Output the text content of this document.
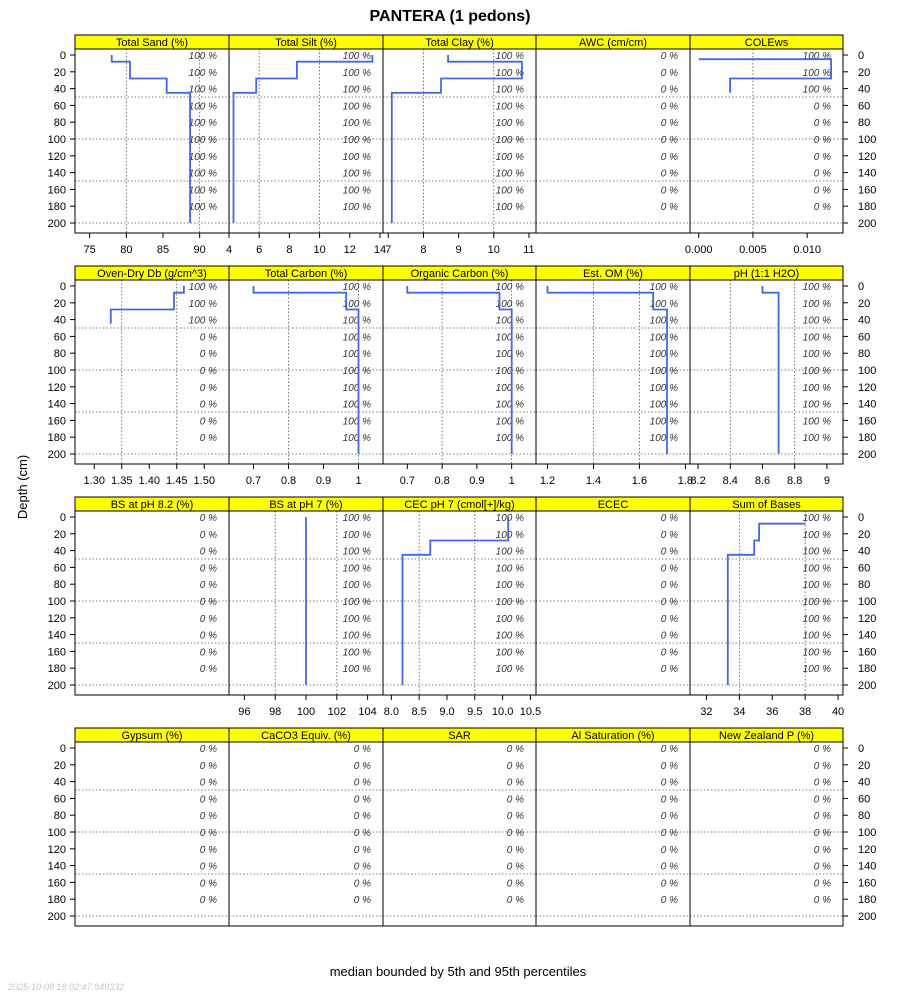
PANTERA (1 pedons)
Depth (cm)
median bounded by 5th and 95th percentiles
2025-10-08 18:02:47.849332
Total Sand (%)
100 %
100 %
100 %
100 %
100 %
100 %
100 %
100 %
100 %
100 %
75 80 85 90
0
20
40
60
80
100
120
140
160
180
200
Total Silt (%)
100 %
100 %
100 %
100 %
100 %
100 %
100 %
100 %
100 %
100 %
4 6 8 10 12 14
Total Clay (%)
100 %
100 %
100 %
100 %
100 %
100 %
100 %
100 %
100 %
100 %
7	8	9 10 11
AWC (cm/cm)
0 %
0 %
0 %
0 %
0 %
0 %
0 %
0 %
0 %
0 %
COLEws
100 %
100 %
100 %
0 %
0 %
0 %
0 %
0 %
0 %
0 %
0.000 0.005 0.010
0
20
40
60
80
100
120
140
160
180
200
Oven-Dry Db (g/cm^3)
100 %
100 %
100 %
0 %
0 %
0 %
0 %
0 %
0 %
0 %
1.30 1.35 1.40 1.45 1.50
0
20
40
60
80
100
120
140
160
180
200
Total Carbon (%)
100 %
100 %
100 %
100 %
100 %
100 %
100 %
100 %
100 %
100 %
0.7 0.8 0.9 1
Organic Carbon (%)
100 %
100 %
100 %
100 %
100 %
100 %
100 %
100 %
100 %
100 %
0.7 0.8 0.9 1
Est. OM (%)
100 %
100 %
100 %
100 %
100 %
100 %
100 %
100 %
100 %
100 %
1.2	1.4	1.6	1.8
pH (1:1 H2O)
100 %
100 %
100 %
100 %
100 %
100 %
100 %
100 %
100 %
100 %
8.2 8.4 8.6 8.8 9
0
20
40
60
80
100
120
140
160
180
200
BS at pH 8.2 (%)
0 %
0 %
0 %
0 %
0 %
0 %
0 %
0 %
0 %
0 %
0
20
40
60
80
100
120
140
160
180
200
BS at pH 7 (%)
100 %
100 %
100 %
100 %
100 %
100 %
100 %
100 %
100 %
100 %
96 98 100 102 104
CEC pH 7 (cmol[+]/kg)
100 %
100 %
100 %
100 %
100 %
100 %
100 %
100 %
100 %
100 %
8.0 8.5 9.0 9.5 10.0 10.5
ECEC
0 %
0 %
0 %
0 %
0 %
0 %
0 %
0 %
0 %
0 %
Sum of Bases
100 %
100 %
100 %
100 %
100 %
100 %
100 %
100 %
100 %
100 %
32 34 36 38 40
0
20
40
60
80
100
120
140
160
180
200
Gypsum (%)
0 %
0 %
0 %
0 %
0 %
0 %
0 %
0 %
0 %
0 %
0
20
40
60
80
100
120
140
160
180
200
CaCO3 Equiv. (%)
0 %
0 %
0 %
0 %
0 %
0 %
0 %
0 %
0 %
0 %
SAR
0 %
0 %
0 %
0 %
0 %
0 %
0 %
0 %
0 %
0 %
Al Saturation (%)
0 %
0 %
0 %
0 %
0 %
0 %
0 %
0 %
0 %
0 %
New Zealand P (%)
0 %
0 %
0 %
0 %
0 %
0 %
0 %
0 %
0 %
0 %
0
20
40
60
80
100
120
140
160
180
200
